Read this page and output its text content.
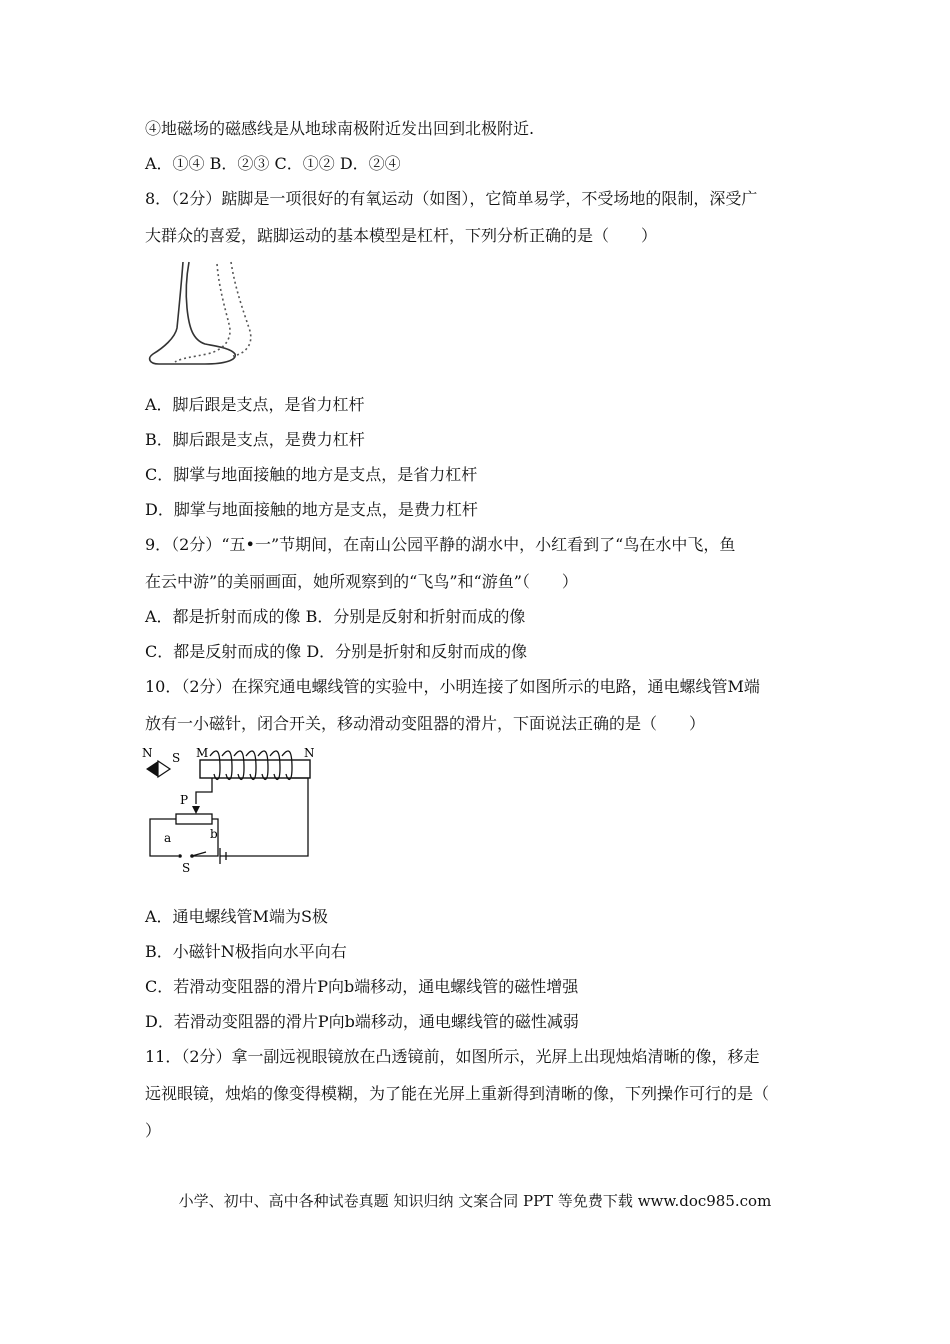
④地磁场的磁感线是从地球南极附近发出回到北极附近.
A．①④ B．②③ C．①② D．②④
8．（2分）踮脚是一项很好的有氧运动（如图），它简单易学，不受场地的限制，深受广
大群众的喜爱，踮脚运动的基本模型是杠杆，下列分析正确的是（　　）
A．脚后跟是支点，是省力杠杆
B．脚后跟是支点，是费力杠杆
C．脚掌与地面接触的地方是支点，是省力杠杆
D．脚掌与地面接触的地方是支点，是费力杠杆
9．（2分）“五•一”节期间，在南山公园平静的湖水中，小红看到了“鸟在水中飞，鱼
在云中游”的美丽画面，她所观察到的“飞鸟”和“游鱼”（　　）
A．都是折射而成的像 B．分别是反射和折射而成的像
C．都是反射而成的像 D．分别是折射和反射而成的像
10．（2分）在探究通电螺线管的实验中，小明连接了如图所示的电路，通电螺线管M端
放有一小磁针，闭合开关，移动滑动变阻器的滑片，下面说法正确的是（　　）
N S M	N
P
a	b
S
A．通电螺线管M端为S极
B．小磁针N极指向水平向右
C．若滑动变阻器的滑片P向b端移动，通电螺线管的磁性增强
D．若滑动变阻器的滑片P向b端移动，通电螺线管的磁性减弱
11．（2分）拿一副远视眼镜放在凸透镜前，如图所示，光屏上出现烛焰清晰的像，移走
远视眼镜，烛焰的像变得模糊，为了能在光屏上重新得到清晰的像，下列操作可行的是（
）
小学、初中、高中各种试卷真题 知识归纳 文案合同 PPT 等免费下载 www.doc985.com
